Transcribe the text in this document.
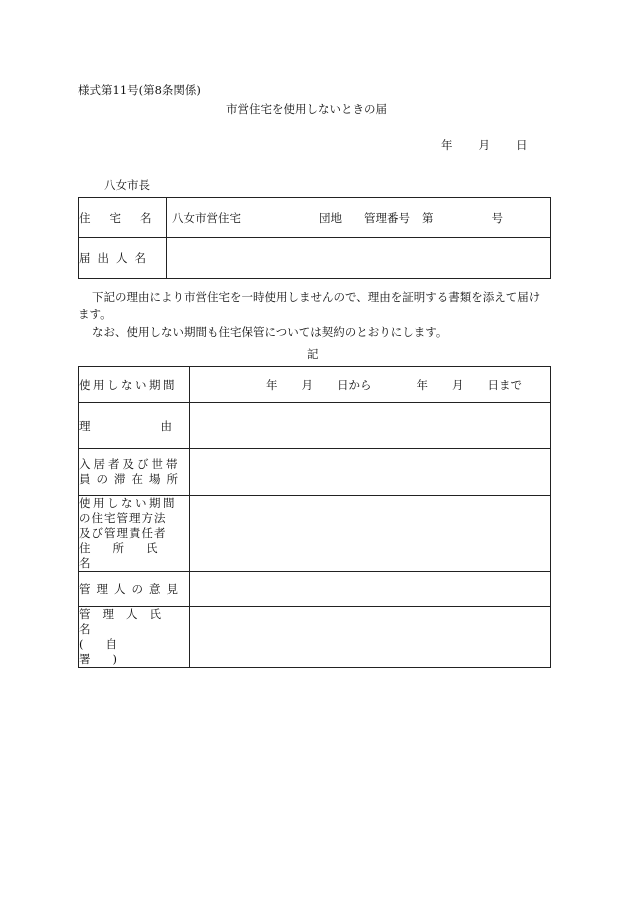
様式第11号(第8条関係)
市営住宅を使用しないときの届
年 月 日
八女市長
住宅名	八女市営住宅 団地 管理番号 第 号
届出人名	
下記の理由により市営住宅を一時使用しませんので、理由を証明する書類を添えて届け
ます。
なお、使用しない期間も住宅保管については契約のとおりにします。
記
使用しない期間	年 月 日から 年 月 日まで

理由	

入居者及び世帯
員の滞在場所	

使用しない期間
の住宅管理方法
及び管理責任者
住所氏名	

管理人の意見	

管理人氏名
(自署)	
